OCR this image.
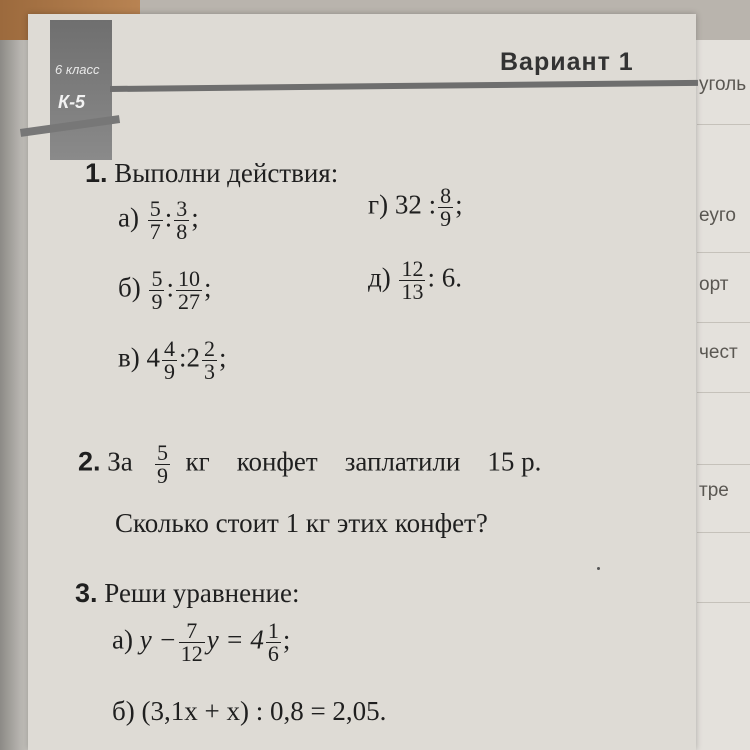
уголь
еуго
орт
чест
тре
6 класс
К-5
Вариант 1
1. Выполни действия:
$а) \frac{5}{7}$ : $\frac{3}{8}$ ;
$б) \frac{5}{9}$ : $\frac{10}{27}$ ;
в) $4 \frac{4}{9}$ :2 $\frac{2}{3}$ ;
г) 32 : $\frac{8}{9}$ ;
$д) \frac{12}{13}$ : 6.
2. За $\frac{5}{9}$ кг    конфет    заплатили    15 р.
Сколько стоит 1 кг этих конфет?
3. Реши уравнение:
а) $y - \frac{7}{12}$ $y = 4 \frac{1}{6}$ ;
б) (3,1x + x) : 0,8 = 2,05.
